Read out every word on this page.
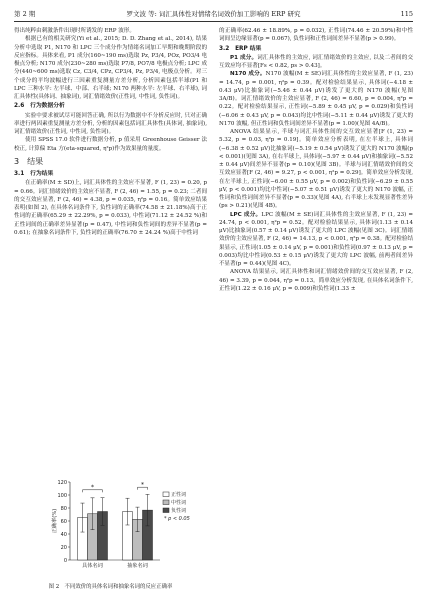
第 2 期	罗文波 等: 词汇具体性对情绪名词效价加工影响的 ERP 研究	115

得出纯粹由刺激条件出现时所诱发的 ERP 波形。

根据已有的相关研究(Yi et al., 2015; D. D. Zhang et al., 2014), 结果分析中选取 P1, N170 和 LPC 三个成分作为情绪名词加工早期和晚期阶段的反应指标。具体来看, P1 成分(160~190 ms)选取 Pz, P3/4, POz, PO3/4 电极点分析; N170 成分(230~280 ms)选取 P7/8, PO7/8 电极点分析; LPC 成分(440~600 ms)选取 Cz, C3/4, CPz, CP3/4, Pz, P3/4, 电极点分析。对三个成分的平均波幅进行三因素重复测量方差分析, 分析因素包括半球(P1 和 LPC 三种水平: 左半球、中部、右半球; N170 两种水平: 左半球、右半球), 词汇具体性(具体词、抽象词), 词汇情绪效价(正性词, 中性词, 负性词)。

2.6　行为数据分析

实验中要求被试尽可能回答正确, 所以行为数据中不分析反应时, 只对正确率进行两因素重复测量方差分析, 分析的因素包括词汇具体性(具体词, 抽象词), 词汇情绪效价(正性词, 中性词, 负性词)。

使用 SPSS 17.0 软件进行数据分析, p 值采用 Greenhouse Geisser 法校正, 计算偏 Eta 方(eta-squared, η²p)作为效果量的量度。

3　结果
3.1　行为结果

在正确率(M ± SD)上, 词汇具体性的主效应不显著, F (1, 23) = 0.20, p = 0.66。词汇情绪效价的主效应不显著, F (2, 46) = 1.55, p = 0.23; 二者间的交互效应显著, F (2, 46) = 4.38, p = 0.035, η²p = 0.16。简单效应结果表明(如图 2), 在具体名词条件下, 负性词的正确率(74.58 ± 21.18%)高于正性词的正确率(65.29 ± 22.29%, p = 0.033), 中性词(71.12 ± 24.52 %)和正性词间的正确率差异显著(p = 0.47), 中性词和负性词间的差异不显著(p = 0.61); 在抽象名词条件下, 负性词的正确率(76.70 ± 24.24 %)高于中性词

的正确率(62.46 ± 18.89%, p = 0.032), 正性词(74.46 ± 20.59%)和中性词间呈边缘显著(p = 0.067), 负性词和正性词间差异不显著(p > 0.99)。

3.2　ERP 结果

P1 成分。词汇具体性的主效应, 词汇情绪效价的主效应, 以及二者间的交互效应均不显著[Fs < 0.82, ps > 0.43]。

N170 成分。N170 波幅(M ± SE)词汇具体性的主效应显著, F (1, 23) = 14.74, p = 0.001, η²p = 0.39。配对检验结果显示, 具体词(−4.18 ± 0.43 μV)比抽象词(−5.46 ± 0.44 μV)诱发了更大的 N170 波幅(见图 3A/B)。词汇情绪效价的主效应显著, F (2, 46) = 6.60, p = 0.004, η²p = 0.22。配对检验结果显示, 正性词(−5.89 ± 0.45 μV, p = 0.029)和负性词(−6.06 ± 0.43 μV, p = 0.043)均比中性词(−5.11 ± 0.44 μV)诱发了更大的 N170 波幅, 但正性词和负性词间差异不显著(p = 1.00)(见图 4A/B)。

ANOVA 结果显示, 半球与词汇具体性间的交互效应显著[F (1, 23) = 5.32, p = 0.03, η²p = 0.19]。简单效应分析表明, 在左半球上, 具体词(−6.38 ± 0.52 μV)比抽象词(−5.19 ± 0.54 μV)诱发了更大的 N170 波幅(p < 0.001)(见图 3A), 在右半球上, 具体词(−5.97 ± 0.44 μV)和抽象词(−5.52 ± 0.44 μV)间差异不显著(p = 0.10)(见图 3B)。半球与词汇情绪效价间的交互效应显著[F (2, 46) = 9.27, p < 0.001, η²p = 0.29]。简单效应分析发现, 在左半球上, 正性词(−6.00 ± 0.55 μV, p = 0.002)和负性词(−6.29 ± 0.55 μV, p < 0.001)均比中性词(−5.07 ± 0.51 μV)诱发了更大的 N170 波幅, 正性词和负性词间差异不显著(p = 0.33)(见图 4A), 右半球上未发现显著性差异(ps > 0.21)(见图 4B)。

LPC 成分。LPC 波幅(M ± SE)词汇具体性的主效应显著, F (1, 23) = 24.74, p < 0.001, η²p = 0.52。配对检验结果显示, 具体词(1.13 ± 0.14 μV)比抽象词(0.57 ± 0.14 μV)诱发了更大的 LPC 波幅(见图 3C)。词汇情绪效价的主效应显著, F (2, 46) = 14.13, p < 0.001, η²p = 0.38。配对检验结果显示, 正性词(1.05 ± 0.14 μV, p = 0.001)和负性词(0.97 ± 0.13 μV, p = 0.003)均比中性词(0.53 ± 0.15 μV)诱发了更大的 LPC 波幅, 前两者间差异不显著(p = 0.44)(见图 4C)。

ANOVA 结果显示, 词汇具体性和词汇情绪效价间的交互效应显著, F (2, 46) = 3.39, p = 0.044, η²p = 0.13。简单效应分析发现, 在具体名词条件下, 正性词(1.22 ± 0.16 μV, p = 0.009)和负性词(1.33 ±

0
20
40
60
80
100
120
正确率(%)
具体名词	抽象名词
*	*
正性词
中性词
负性词
* p < 0.05
图 2　不同效价的具体名词和抽象名词的反应正确率
